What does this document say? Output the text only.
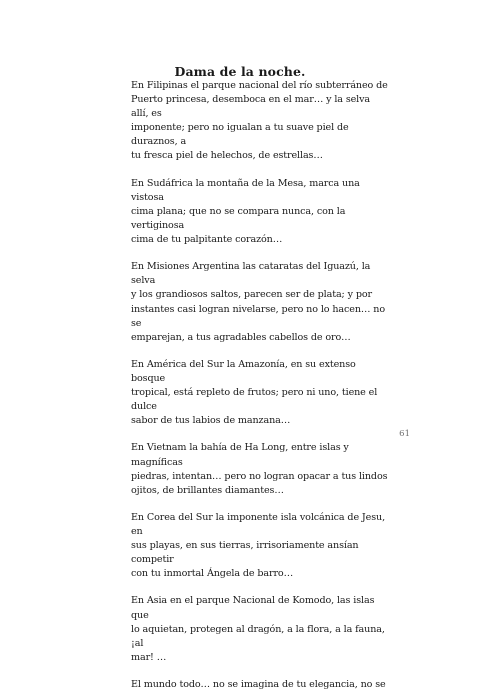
Dama de la noche.

En Filipinas el parque nacional del río subterráneo de
Puerto princesa, desemboca en el mar… y la selva allí, es
imponente; pero no igualan a tu suave piel de duraznos, a
tu fresca piel de helechos, de estrellas…

En Sudáfrica la montaña de la Mesa, marca una vistosa
cima plana; que no se compara nunca, con la vertiginosa
cima de tu palpitante corazón…

En Misiones Argentina las cataratas del Iguazú, la selva
y los grandiosos saltos, parecen ser de plata; y por
instantes casi logran nivelarse, pero no lo hacen… no se
emparejan, a tus agradables cabellos de oro…

En América del Sur la Amazonía, en su extenso bosque
tropical, está repleto de frutos; pero ni uno, tiene el dulce
sabor de tus labios de manzana…

En Vietnam la bahía de Ha Long, entre islas y magníficas
piedras, intentan… pero no logran opacar a tus lindos
ojitos, de brillantes diamantes…

En Corea del Sur la imponente isla volcánica de Jesu, en
sus playas, en sus tierras, irrisoriamente ansían competir
con tu inmortal Ángela de barro…

En Asia en el parque Nacional de Komodo, las islas que
lo aquietan, protegen al dragón, a la flora, a la fauna, ¡al
mar! …

El mundo todo… no se imagina de tu elegancia, no se

61
